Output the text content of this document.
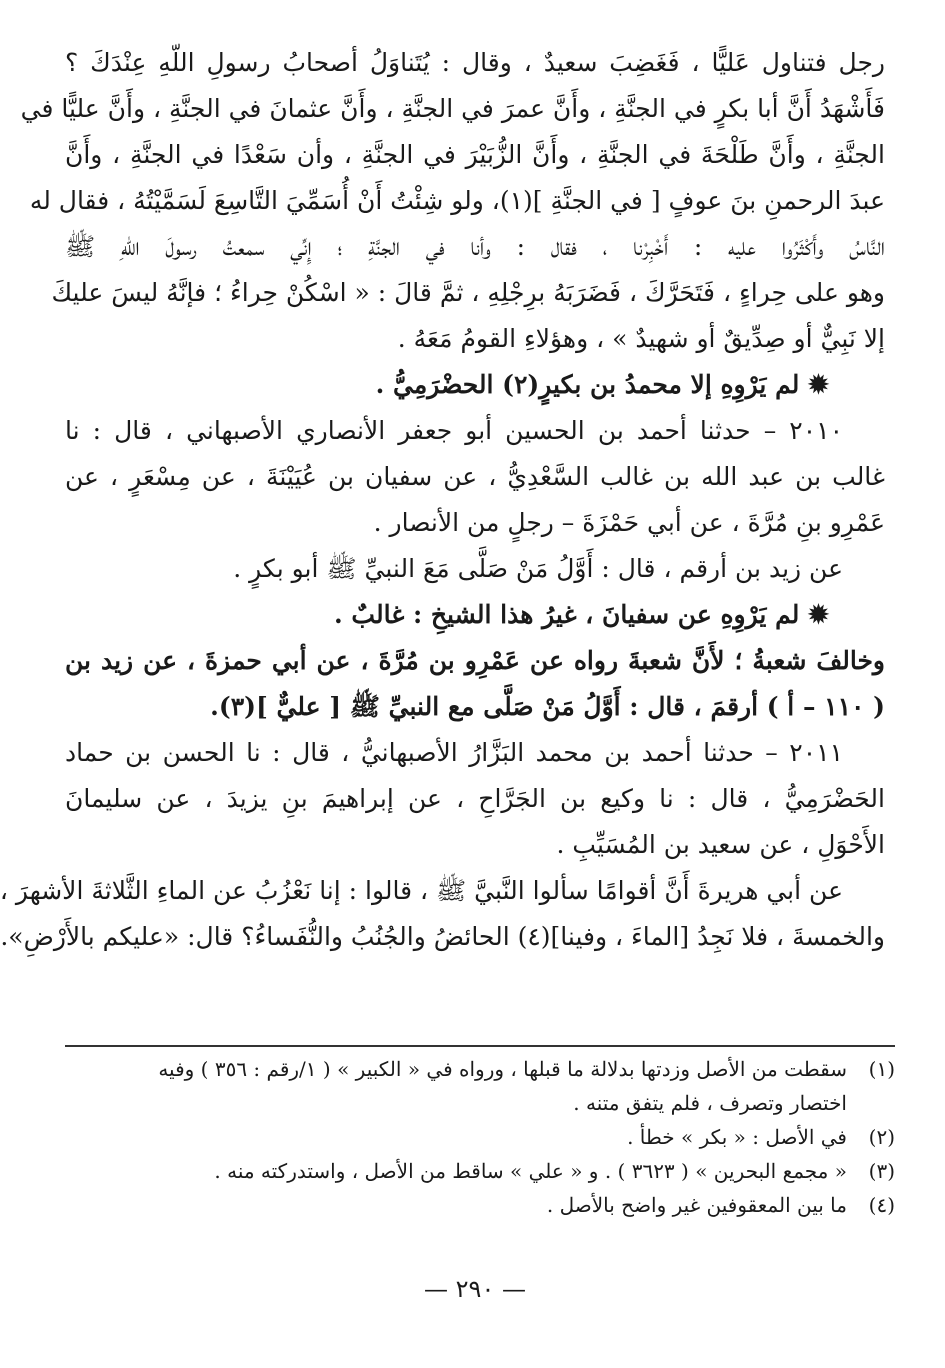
رجل فتناول عَليًّا ، فَغَضِبَ سعيدٌ ، وقال : يُتَناوَلُ أصحابُ رسولِ اللّهِ عِنْدَكَ ؟
فَأَشْهَدُ أَنَّ أبا بكرٍ في الجنَّةِ ، وأَنَّ عمرَ في الجنَّةِ ، وأَنَّ عثمانَ في الجنَّةِ ، وأَنَّ عليًّا في
الجنَّةِ ، وأَنَّ طَلْحَةَ في الجنَّةِ ، وأَنَّ الزُّبَيْرَ في الجنَّةِ ، وأن سَعْدًا في الجنَّةِ ، وأَنَّ
عبدَ الرحمنِ بنَ عوفٍ [ في الجنَّةِ ](١)، ولو شِئْتُ أَنْ أُسَمِّيَ التَّاسِعَ لَسَمَّيْتُهُ ، فقال له
النَّاسُ وأَكْثَرُوا عليه : أَخْبِرْنا ، فقال : وأنا في الجنَّةِ ؛ إِنِّي سمعتُ رسولَ اللّهِ ﷺ
وهو على حِراءٍ ، فَتَحَرَّكَ ، فَضَرَبَهُ برِجْلِهِ ، ثمَّ قالَ : « اسْكُنْ حِراءُ ؛ فإنَّهُ ليسَ عليكَ
إلا نَبِيٌّ أو صِدِّيقٌ أو شهيدٌ » ، وهؤلاءِ القومُ مَعَهُ .
✹ لم يَرْوِهِ إلا محمدُ بن بكيرٍ(٢) الحضْرَمِيُّ .
٢٠١٠ – حدثنا أحمد بن الحسين أبو جعفر الأنصاري الأصبهاني ، قال : نا
غالب بن عبد الله بن غالب السَّعْدِيُّ ، عن سفيان بن عُيَيْنَةَ ، عن مِسْعَرٍ ، عن
عَمْرِو بنِ مُرَّةَ ، عن أبي حَمْزَةَ – رجلٍ من الأنصار .
عن زيد بن أرقم ، قال : أَوَّلُ مَنْ صَلَّى مَعَ النبيِّ ﷺ أبو بكرٍ .
✹ لم يَرْوِهِ عن سفيانَ ، غيرُ هذا الشيخِ : غالبٌ .
وخالفَ شعبةُ ؛ لأَنَّ شعبةَ رواه عن عَمْرِو بن مُرَّةَ ، عن أبي حمزةَ ، عن زيد بن
( ١١٠ – أ ) أرقمَ ، قال : أَوَّلُ مَنْ صَلَّى مع النبيِّ ﷺ [ عليٌّ ](٣).
٢٠١١ – حدثنا أحمد بن محمد البَزَّارُ الأصبهانيُّ ، قال : نا الحسن بن حماد
الحَضْرَمِيُّ ، قال : نا وكيع بن الجَرَّاحِ ، عن إبراهيمَ بنِ يزيدَ ، عن سليمانَ
الأَحْوَلِ ، عن سعيد بن المُسَيِّبِ .
عن أبي هريرةَ أَنَّ أقوامًا سألوا النَّبيَّ ﷺ ، قالوا : إنا نَعْزُبُ عن الماءِ الثَّلاثةَ الأشهرَ ،
والخمسةَ ، فلا نَجِدُ [الماءَ ، وفينا](٤) الحائضُ والجُنُبُ والنُّفَساءُ؟ قال: «عليكم بالأَرْضِ».
(١)
سقطت من الأصل وزدتها بدلالة ما قبلها ، ورواه في « الكبير » ( ١/رقم : ٣٥٦ ) وفيه
اختصار وتصرف ، فلم يتفق متنه .
(٢)
في الأصل : « بكر » خطأ .
(٣)
« مجمع البحرين » ( ٣٦٢٣ ) . و « علي » ساقط من الأصل ، واستدركته منه .
(٤)
ما بين المعقوفين غير واضح بالأصل .
— ٢٩٠ —
